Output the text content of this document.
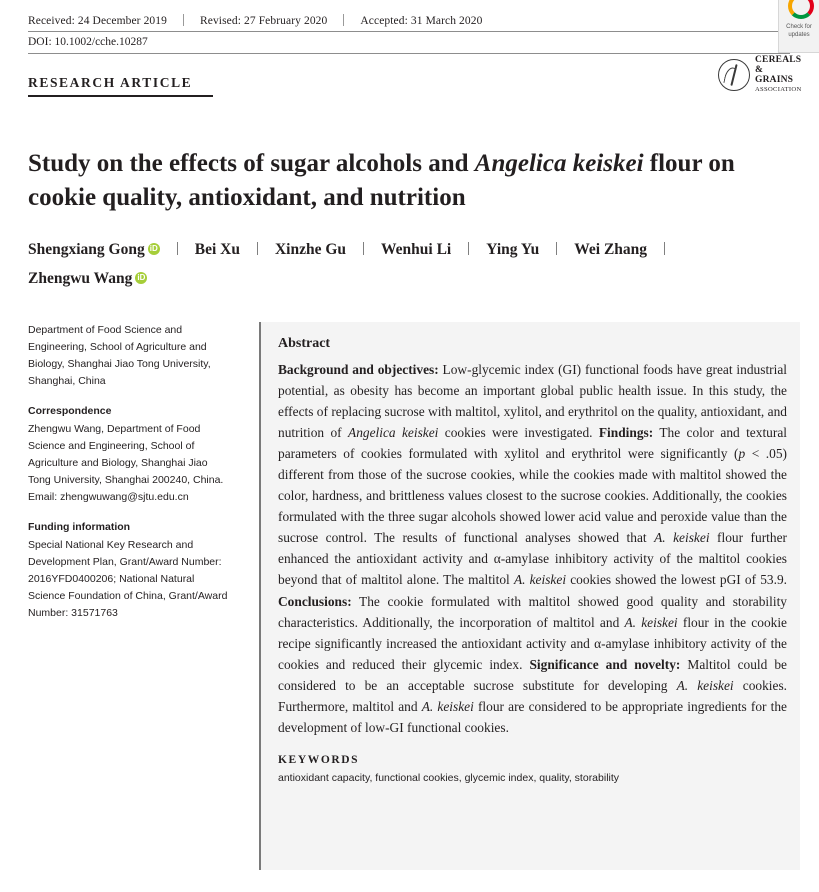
Received: 24 December 2019	Revised: 27 February 2020	Accepted: 31 March 2020
DOI: 10.1002/cche.10287
RESEARCH ARTICLE
CEREALS
& GRAINS
ASSOCIATION
Check for
updates
Study on the effects of sugar alcohols and Angelica keiskei flour on cookie quality, antioxidant, and nutrition
Shengxiang Gong iD	Bei Xu Xinzhe Gu Wenhui Li Ying Yu Wei ZhangZhengwu WangiD

Department of Food Science and Engineering, School of Agriculture and Biology, Shanghai Jiao Tong University, Shanghai, China

Correspondence

Zhengwu Wang, Department of Food Science and Engineering, School of Agriculture and Biology, Shanghai Jiao Tong University, Shanghai 200240, China. Email: zhengwuwang@sjtu.edu.cn

Funding information

Special National Key Research and Development Plan, Grant/Award Number: 2016YFD0400206; National Natural Science Foundation of China, Grant/Award Number: 31571763

Abstract
Background and objectives: Low-glycemic index (GI) functional foods have great industrial potential, as obesity has become an important global public health issue. In this study, the effects of replacing sucrose with maltitol, xylitol, and erythritol on the quality, antioxidant, and nutrition of Angelica keiskei cookies were investigated. Findings: The color and textural parameters of cookies formulated with xylitol and erythritol were significantly (p < .05) different from those of the sucrose cookies, while the cookies made with maltitol showed the color, hardness, and brittleness values closest to the sucrose cookies. Additionally, the cookies formulated with the three sugar alcohols showed lower acid value and peroxide value than the sucrose control. The results of functional analyses showed that A. keiskei flour further enhanced the antioxidant activity and α-amylase inhibitory activity of the maltitol cookies beyond that of maltitol alone. The maltitol A. keiskei cookies showed the lowest pGI of 53.9. Conclusions: The cookie formulated with maltitol showed good quality and storability characteristics. Additionally, the incorporation of maltitol and A. keiskei flour in the cookie recipe significantly increased the antioxidant activity and α-amylase inhibitory activity of the cookies and reduced their glycemic index. Significance and novelty: Maltitol could be considered to be an acceptable sucrose substitute for developing A. keiskei cookies. Furthermore, maltitol and A. keiskei flour are considered to be appropriate ingredients for the development of low-GI functional cookies.
KEYWORDS
antioxidant capacity, functional cookies, glycemic index, quality, storability
